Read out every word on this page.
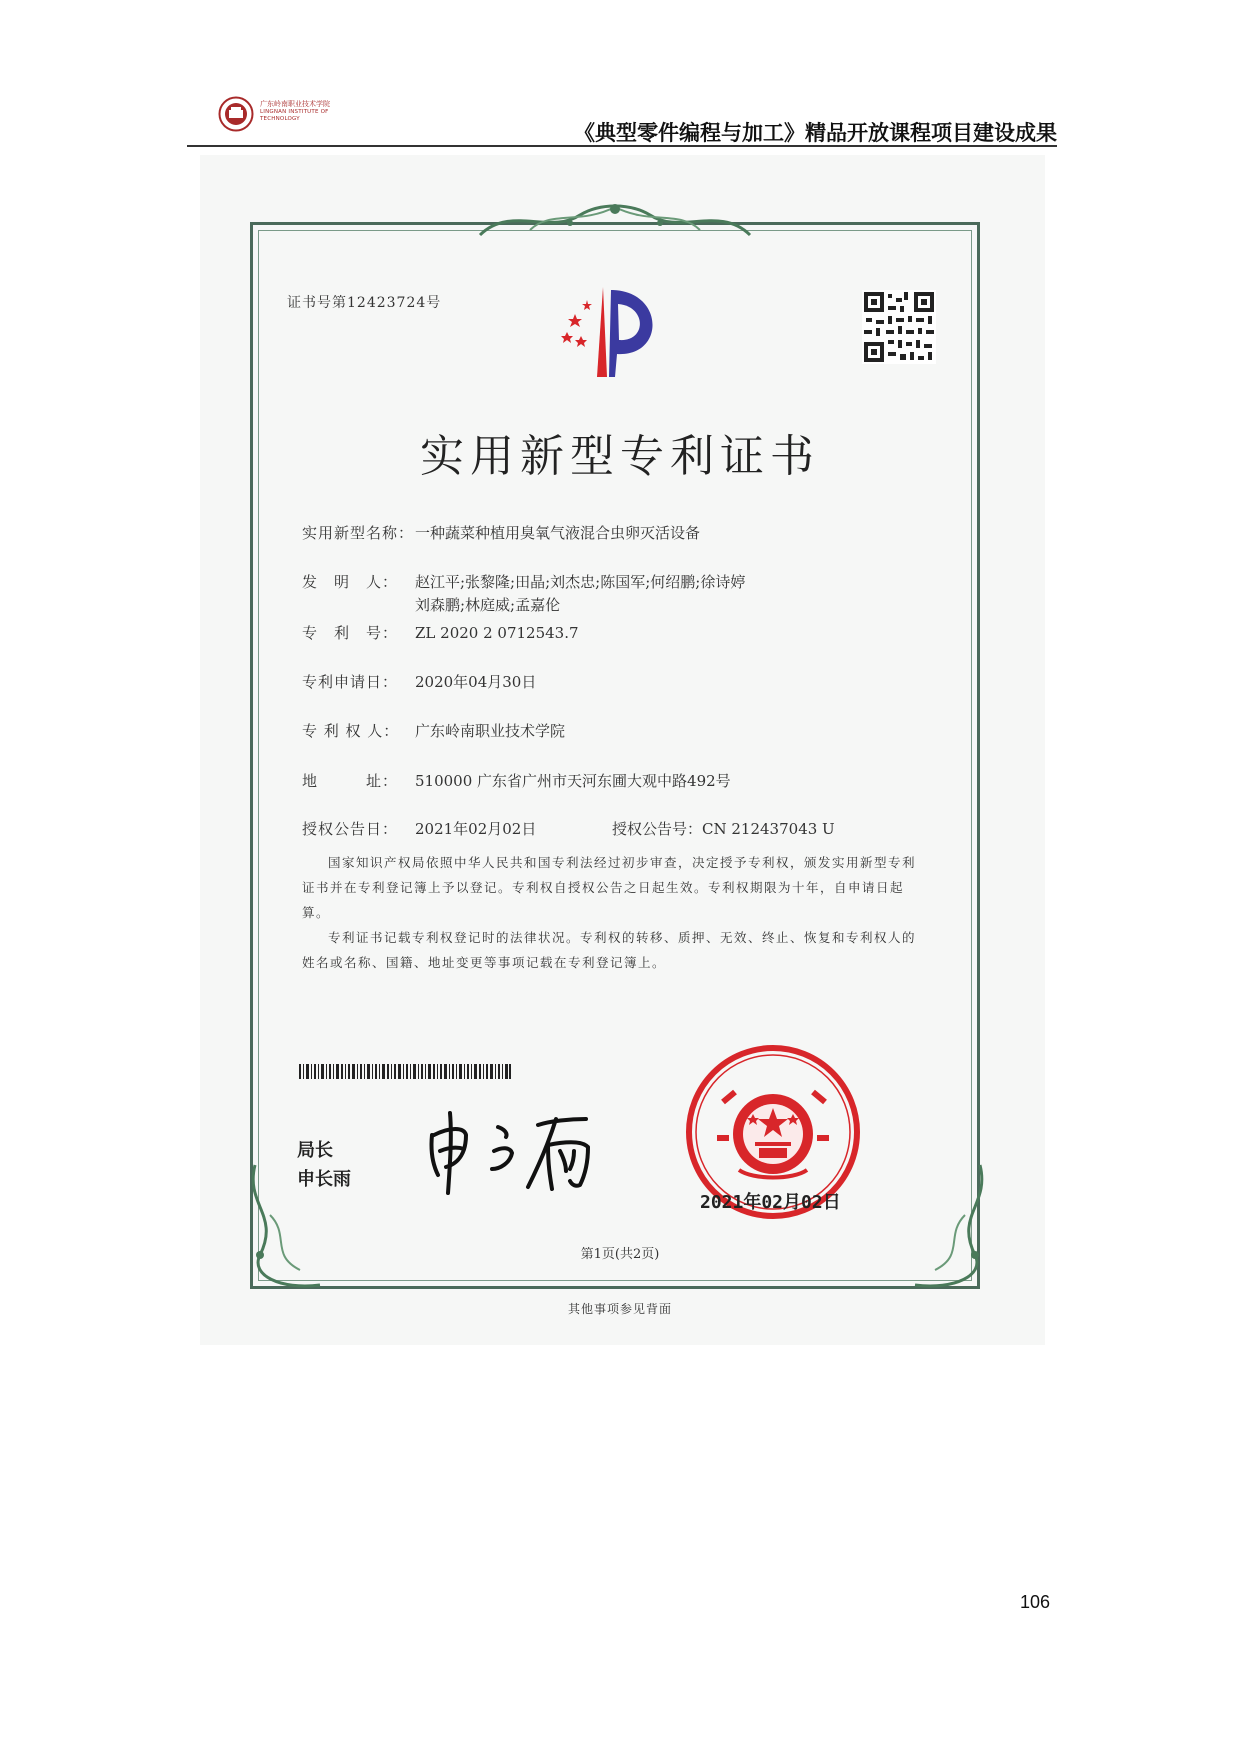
广东岭南职业技术学院
LINGNAN INSTITUTE OF TECHNOLOGY
《典型零件编程与加工》精品开放课程项目建设成果
证书号第12423724号
实用新型专利证书
实用新型名称：一种蔬菜种植用臭氧气液混合虫卵灭活设备
发　明　人： 赵江平;张黎隆;田晶;刘杰忠;陈国军;何绍鹏;徐诗婷
刘森鹏;林庭威;孟嘉伦
专　利　号： ZL 2020 2 0712543.7
专利申请日： 2020年04月30日
专 利 权 人： 广东岭南职业技术学院
地　　　址： 510000 广东省广州市天河东圃大观中路492号
授权公告日： 2021年02月02日	授权公告号：CN 212437043 U
国家知识产权局依照中华人民共和国专利法经过初步审查，决定授予专利权，颁发实用新型专利证书并在专利登记簿上予以登记。专利权自授权公告之日起生效。专利权期限为十年，自申请日起算。
专利证书记载专利权登记时的法律状况。专利权的转移、质押、无效、终止、恢复和专利权人的姓名或名称、国籍、地址变更等事项记载在专利登记簿上。
局长
申长雨
2021年02月02日
第1页(共2页)
其他事项参见背面
106
